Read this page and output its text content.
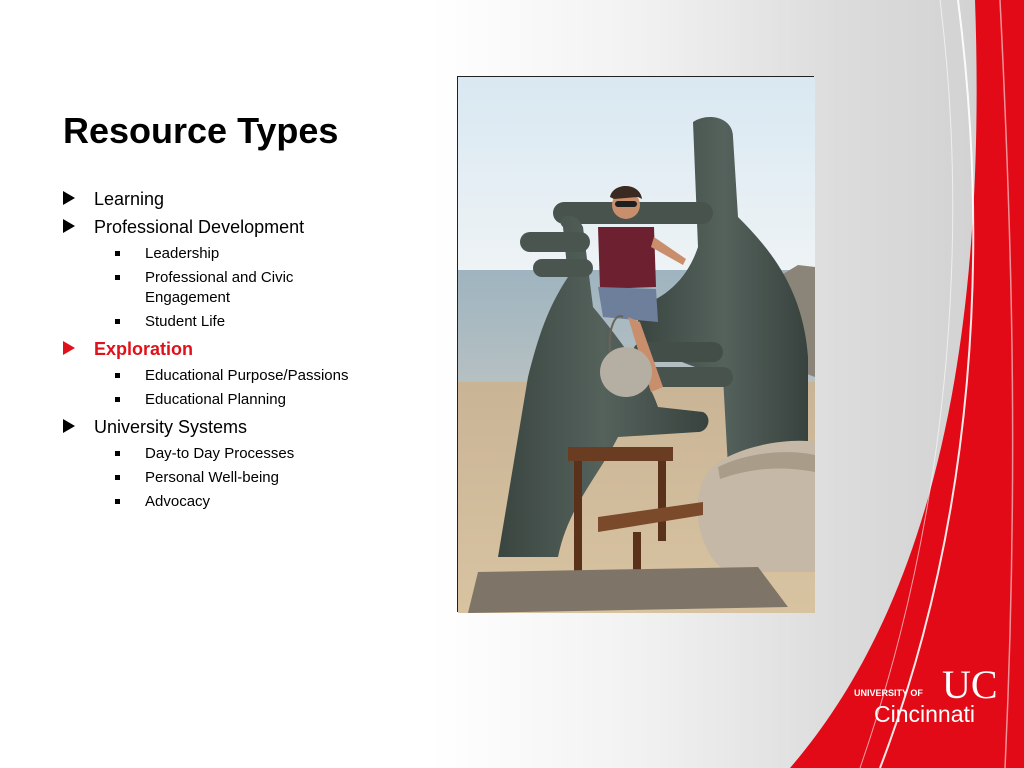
Resource Types
Learning
Professional Development
Leadership
Professional and Civic Engagement
Student Life
Exploration
Educational Purpose/Passions
Educational Planning
University Systems
Day-to Day Processes
Personal Well-being
Advocacy
UC
UNIVERSITY OF
Cincinnati
